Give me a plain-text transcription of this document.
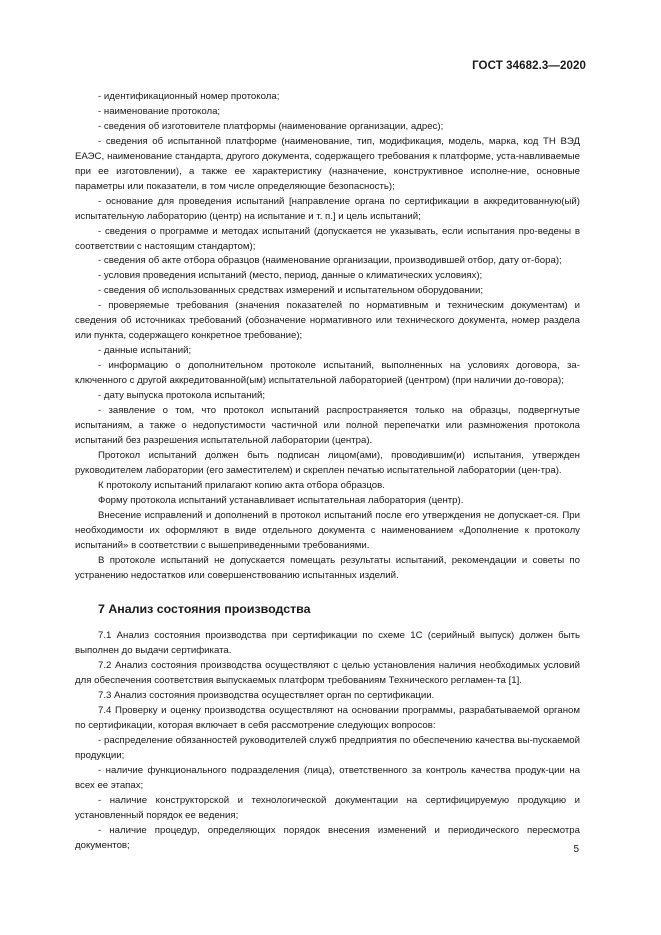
ГОСТ 34682.3—2020

- идентификационный номер протокола;

- наименование протокола;

- сведения об изготовителе платформы (наименование организации, адрес);

- сведения об испытанной платформе (наименование, тип, модификация, модель, марка, код ТН ВЭД ЕАЭС, наименование стандарта, другого документа, содержащего требования к платформе, уста-навливаемые при ее изготовлении), а также ее характеристику (назначение, конструктивное исполне-ние, основные параметры или показатели, в том числе определяющие безопасность);

- основание для проведения испытаний [направление органа по сертификации в аккредитованную(ый) испытательную лабораторию (центр) на испытание и т. п.] и цель испытаний;

- сведения о программе и методах испытаний (допускается не указывать, если испытания про-ведены в соответствии с настоящим стандартом);

- сведения об акте отбора образцов (наименование организации, производившей отбор, дату от-бора);

- условия проведения испытаний (место, период, данные о климатических условиях);

- сведения об использованных средствах измерений и испытательном оборудовании;

- проверяемые требования (значения показателей по нормативным и техническим документам) и сведения об источниках требований (обозначение нормативного или технического документа, номер раздела или пункта, содержащего конкретное требование);

- данные испытаний;

- информацию о дополнительном протоколе испытаний, выполненных на условиях договора, за-ключенного с другой аккредитованной(ым) испытательной лабораторией (центром) (при наличии до-говора);

- дату выпуска протокола испытаний;

- заявление о том, что протокол испытаний распространяется только на образцы, подвергнутые испытаниям, а также о недопустимости частичной или полной перепечатки или размножения протокола испытаний без разрешения испытательной лаборатории (центра).

Протокол испытаний должен быть подписан лицом(ами), проводившим(и) испытания, утвержден руководителем лаборатории (его заместителем) и скреплен печатью испытательной лаборатории (цен-тра).

К протоколу испытаний прилагают копию акта отбора образцов.

Форму протокола испытаний устанавливает испытательная лаборатория (центр).

Внесение исправлений и дополнений в протокол испытаний после его утверждения не допускает-ся. При необходимости их оформляют в виде отдельного документа с наименованием «Дополнение к протоколу испытаний» в соответствии с вышеприведенными требованиями.

В протоколе испытаний не допускается помещать результаты испытаний, рекомендации и советы по устранению недостатков или совершенствованию испытанных изделий.

7 Анализ состояния производства

7.1 Анализ состояния производства при сертификации по схеме 1С (серийный выпуск) должен быть выполнен до выдачи сертификата.

7.2 Анализ состояния производства осуществляют с целью установления наличия необходимых условий для обеспечения соответствия выпускаемых платформ требованиям Технического регламен-та [1].

7.3 Анализ состояния производства осуществляет орган по сертификации.

7.4 Проверку и оценку производства осуществляют на основании программы, разрабатываемой органом по сертификации, которая включает в себя рассмотрение следующих вопросов:

- распределение обязанностей руководителей служб предприятия по обеспечению качества вы-пускаемой продукции;

- наличие функционального подразделения (лица), ответственного за контроль качества продук-ции на всех ее этапах;

- наличие конструкторской и технологической документации на сертифицируемую продукцию и установленный порядок ее ведения;

- наличие процедур, определяющих порядок внесения изменений и периодического пересмотра документов;	5
